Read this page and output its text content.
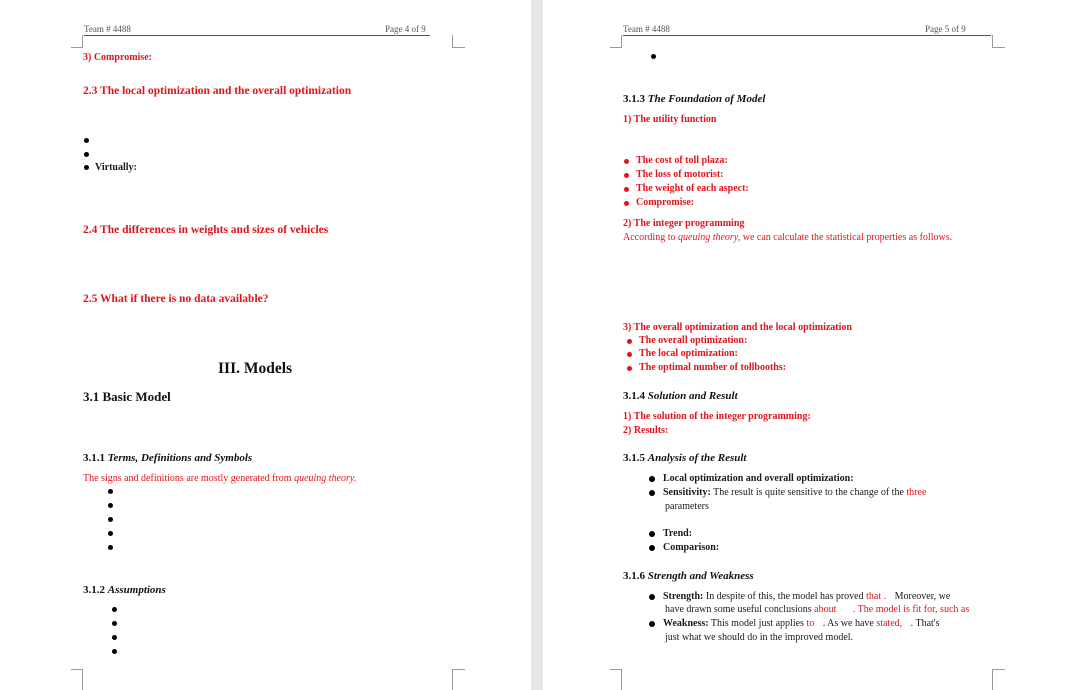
Team # 4488	Page 4 of 9
3) Compromise:
2.3 The local optimization and the overall optimization
Virtually:
2.4 The differences in weights and sizes of vehicles
2.5 What if there is no data available?
III. Models
3.1 Basic Model
3.1.1 Terms, Definitions and Symbols
The signs and definitions are mostly generated from queuing theory.
3.1.2 Assumptions
Team # 4488	Page 5 of 9
3.1.3 The Foundation of Model
1) The utility function
The cost of toll plaza:
The loss of motorist:
The weight of each aspect:
Compromise:
2) The integer programming
According to queuing theory, we can calculate the statistical properties as follows.
3) The overall optimization and the local optimization
The overall optimization:
The local optimization:
The optimal number of tollbooths:
3.1.4 Solution and Result
1) The solution of the integer programming:
2) Results:
3.1.5 Analysis of the Result
Local optimization and overall optimization:
Sensitivity: The result is quite sensitive to the change of the three
parameters
Trend:
Comparison:
3.1.6 Strength and Weakness
Strength: In despite of this, the model has proved that . Moreover, we
have drawn some useful conclusions about . The model is fit for, such as
Weakness: This model just applies to . As we have stated, . That's
just what we should do in the improved model.
